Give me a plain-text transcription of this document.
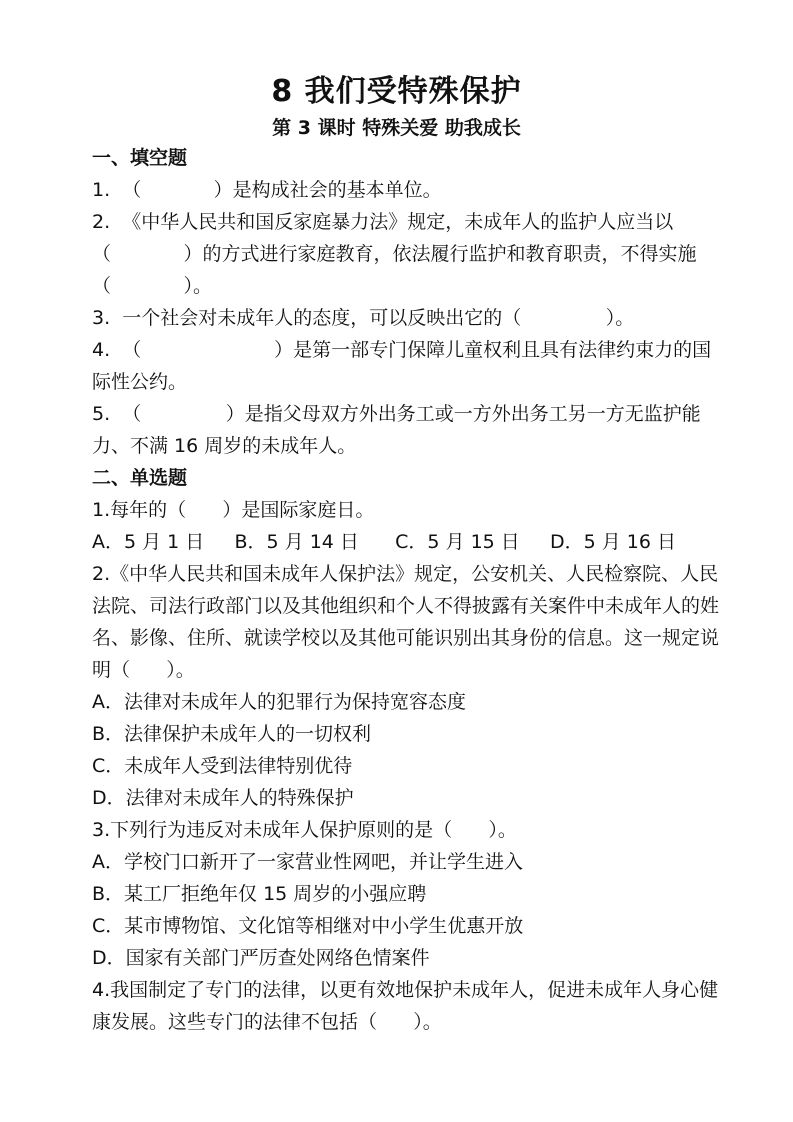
8 我们受特殊保护
第 3 课时 特殊关爱 助我成长
一、填空题
1.  （            ）是构成社会的基本单位。
2.  《中华人民共和国反家庭暴力法》规定，未成年人的监护人应当以
（            ）的方式进行家庭教育，依法履行监护和教育职责，不得实施
（            ）。
3.  一个社会对未成年人的态度，可以反映出它的（              ）。
4.  （                      ）是第一部专门保障儿童权利且具有法律约束力的国
际性公约。
5.  （              ）是指父母双方外出务工或一方外出务工另一方无监护能
力、不满 16 周岁的未成年人。
二、单选题
1.每年的（      ）是国际家庭日。
A．5 月 1 日     B．5 月 14 日      C．5 月 15 日     D．5 月 16 日
2.《中华人民共和国未成年人保护法》规定，公安机关、人民检察院、人民
法院、司法行政部门以及其他组织和个人不得披露有关案件中未成年人的姓
名、影像、住所、就读学校以及其他可能识别出其身份的信息。这一规定说
明（      ）。
A．法律对未成年人的犯罪行为保持宽容态度
B．法律保护未成年人的一切权利
C．未成年人受到法律特别优待
D．法律对未成年人的特殊保护
3.下列行为违反对未成年人保护原则的是（      ）。
A．学校门口新开了一家营业性网吧，并让学生进入
B．某工厂拒绝年仅 15 周岁的小强应聘
C．某市博物馆、文化馆等相继对中小学生优惠开放
D．国家有关部门严厉查处网络色情案件
4.我国制定了专门的法律，以更有效地保护未成年人，促进未成年人身心健
康发展。这些专门的法律不包括（      ）。
